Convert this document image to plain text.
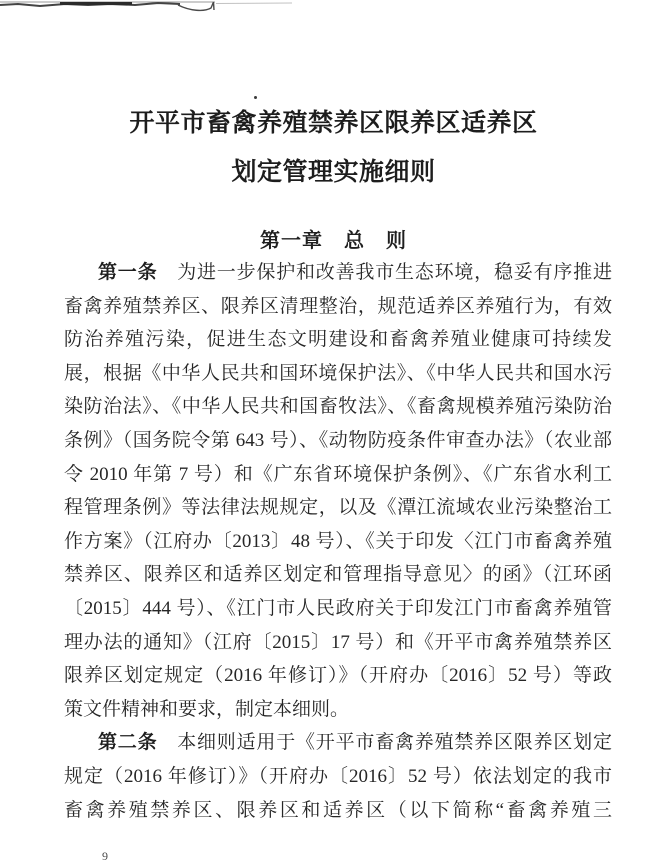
开平市畜禽养殖禁养区限养区适养区
划定管理实施细则
第一章　总　则
第一条　为进一步保护和改善我市生态环境，稳妥有序推进
畜禽养殖禁养区、限养区清理整治，规范适养区养殖行为，有效
防治养殖污染，促进生态文明建设和畜禽养殖业健康可持续发
展，根据《中华人民共和国环境保护法》、《中华人民共和国水污
染防治法》、《中华人民共和国畜牧法》、《畜禽规模养殖污染防治
条例》（国务院令第 643 号）、《动物防疫条件审查办法》（农业部
令 2010 年第 7 号）和《广东省环境保护条例》、《广东省水利工
程管理条例》等法律法规规定，以及《潭江流域农业污染整治工
作方案》（江府办〔2013〕48 号）、《关于印发〈江门市畜禽养殖
禁养区、限养区和适养区划定和管理指导意见〉的函》（江环函
〔2015〕444 号）、《江门市人民政府关于印发江门市畜禽养殖管
理办法的通知》（江府〔2015〕17 号）和《开平市禽养殖禁养区
限养区划定规定（2016 年修订）》（开府办〔2016〕52 号）等政
策文件精神和要求，制定本细则。
第二条　本细则适用于《开平市畜禽养殖禁养区限养区划定
规定（2016 年修订）》（开府办〔2016〕52 号）依法划定的我市
畜禽养殖禁养区、限养区和适养区（以下简称“畜禽养殖三
9
